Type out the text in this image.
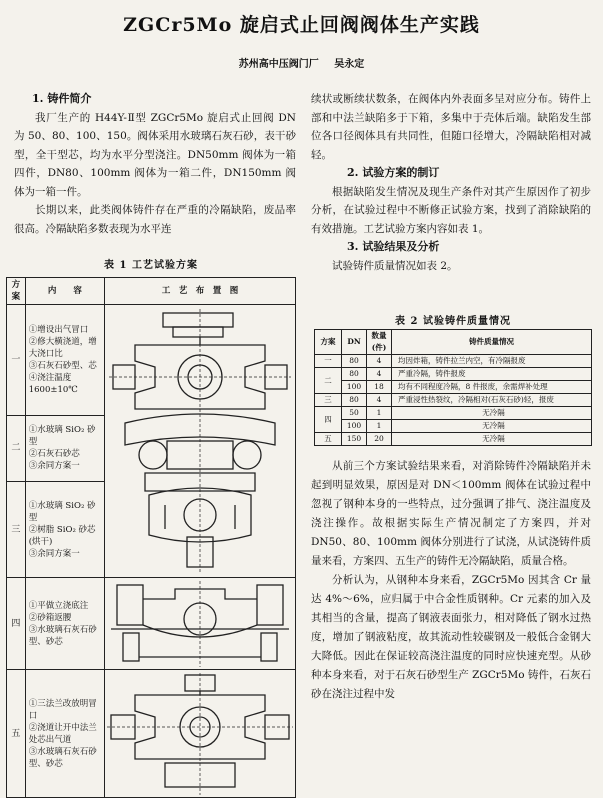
ZGCr5Mo 旋启式止回阀阀体生产实践
苏州高中压阀门厂 吴永定
1. 铸件简介

我厂生产的 H44Y-Ⅱ型 ZGCr5Mo 旋启式止回阀 DN 为 50、80、100、150。阀体采用水玻璃石灰石砂，表干砂型，全干型芯，均为水平分型浇注。DN50mm 阀体为一箱四件，DN80、100mm 阀体为一箱二件，DN150mm 阀体为一箱一件。

长期以来，此类阀体铸件存在严重的冷隔缺陷，废品率很高。冷隔缺陷多数表现为水平连

表 1 工艺试验方案
方案	内　　容	工　艺　布　置　图
一	①增设出气冒口
②修大横浇道，增大浇口比
③石灰石砂型、芯
④浇注温度 1600±10℃

二	①水玻璃 SiO₂ 砂型
②石灰石砂芯
③余同方案一	

三	①水玻璃 SiO₂ 砂型
②树脂 SiO₂ 砂芯(烘干)
③余同方案一	

四	①平做立浇底注
②砂箱返腰
③水玻璃石灰石砂型、砂芯

五	①三法兰改放明冒口
②浇道让开中法兰处芯出气道
③水玻璃石灰石砂型、砂芯

续状或断续状数条，在阀体内外表面多呈对应分布。铸件上部和中法兰缺陷多于下箱，多集中于壳体后端。缺陷发生部位各口径阀体具有共同性，但随口径增大，冷隔缺陷相对减轻。

2. 试验方案的制订

根据缺陷发生情况及现生产条件对其产生原因作了初步分析，在试验过程中不断修正试验方案，找到了消除缺陷的有效措施。工艺试验方案内容如表 1。

3. 试验结果及分析

试验铸件质量情况如表 2。

表 2 试验铸件质量情况
方案	DN	数量(件)	铸件质量情况
一	80	4	均因炸箱，铸件拉兰内空，有冷隔报废
二	80	4	严重冷隔，铸件报废
	100	18	均有不同程度冷隔，8 件报废，余需焊补处理
三	80	4	严重浸性热裂纹，冷隔相对(石灰石砂)轻，报废
四	50	1	无冷隔
	100	1	无冷隔
五	150	20	无冷隔

从前三个方案试验结果来看，对消除铸件冷隔缺陷并未起到明显效果，原因是对 DN＜100mm 阀体在试验过程中忽视了钢种本身的一些特点，过分强调了排气、浇注温度及浇注操作。故根据实际生产情况制定了方案四，并对 DN50、80、100mm 阀体分别进行了试浇，从试浇铸件质量来看，方案四、五生产的铸件无冷隔缺陷，质量合格。

分析认为，从钢种本身来看，ZGCr5Mo 因其含 Cr 量达 4%～6%，应归属于中合金性质钢种。Cr 元素的加入及其相当的含量，提高了钢液表面张力，相对降低了钢水过热度，增加了钢液粘度，故其流动性较碳钢及一般低合金钢大大降低。因此在保证较高浇注温度的同时应快速充型。从砂种本身来看，对于石灰石砂型生产 ZGCr5Mo 铸件，石灰石砂在浇注过程中发
